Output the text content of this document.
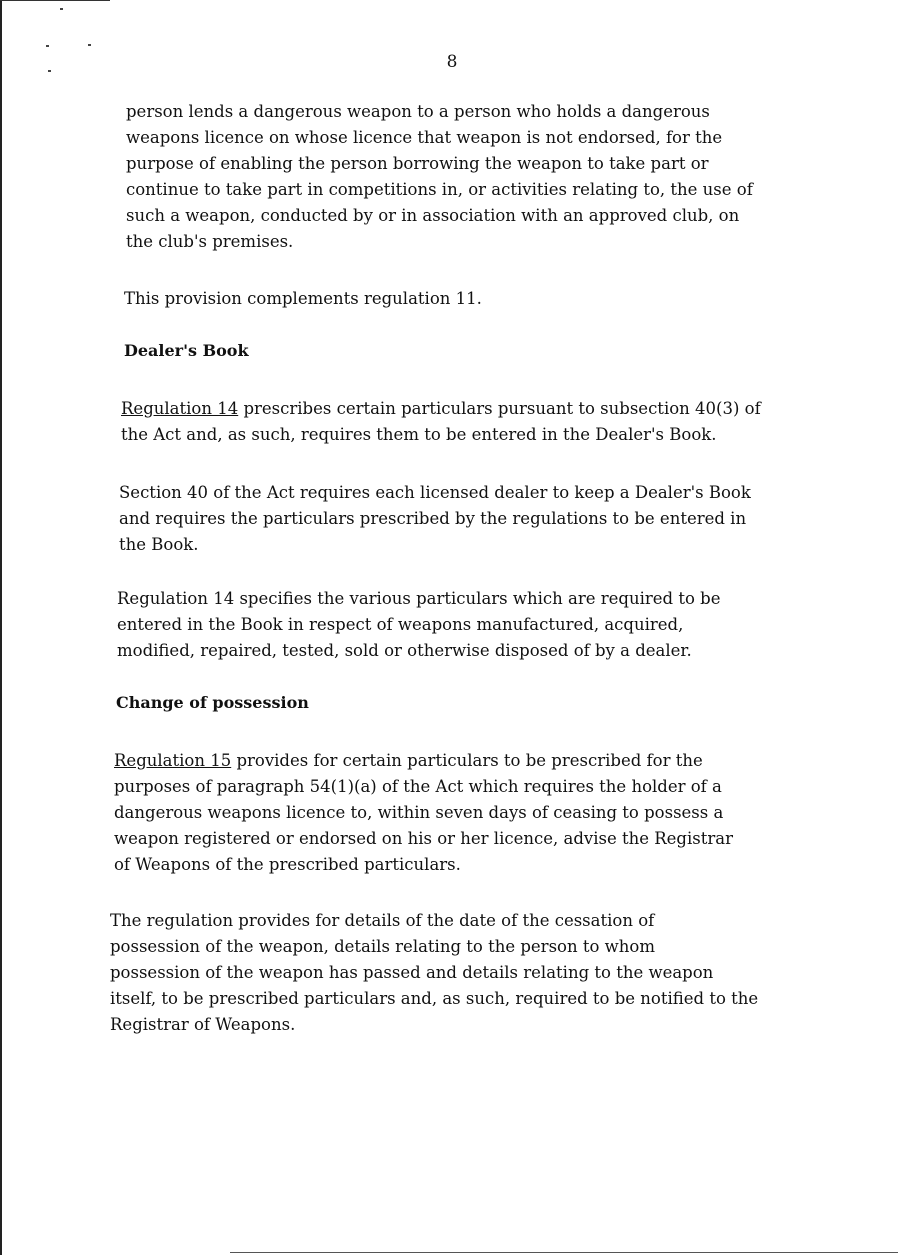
8
person lends a dangerous weapon to a person who holds a dangerous
weapons licence on whose licence that weapon is not endorsed, for the
purpose of enabling the person borrowing the weapon to take part or
continue to take part in competitions in, or activities relating to, the use of
such a weapon, conducted by or in association with an approved club, on
the club's premises.
This provision complements regulation 11.
Dealer's Book
Regulation 14 prescribes certain particulars pursuant to subsection 40(3) of
the Act and, as such, requires them to be entered in the Dealer's Book.
Section 40 of the Act requires each licensed dealer to keep a Dealer's Book
and requires the particulars prescribed by the regulations to be entered in
the Book.
Regulation 14 specifies the various particulars which are required to be
entered in the Book in respect of weapons manufactured, acquired,
modified, repaired, tested, sold or otherwise disposed of by a dealer.
Change of possession
Regulation 15 provides for certain particulars to be prescribed for the
purposes of paragraph 54(1)(a) of the Act which requires the holder of a
dangerous weapons licence to, within seven days of ceasing to possess a
weapon registered or endorsed on his or her licence, advise the Registrar
of Weapons of the prescribed particulars.
The regulation provides for details of the date of the cessation of
possession of the weapon, details relating to the person to whom
possession of the weapon has passed and details relating to the weapon
itself, to be prescribed particulars and, as such, required to be notified to the
Registrar of Weapons.
